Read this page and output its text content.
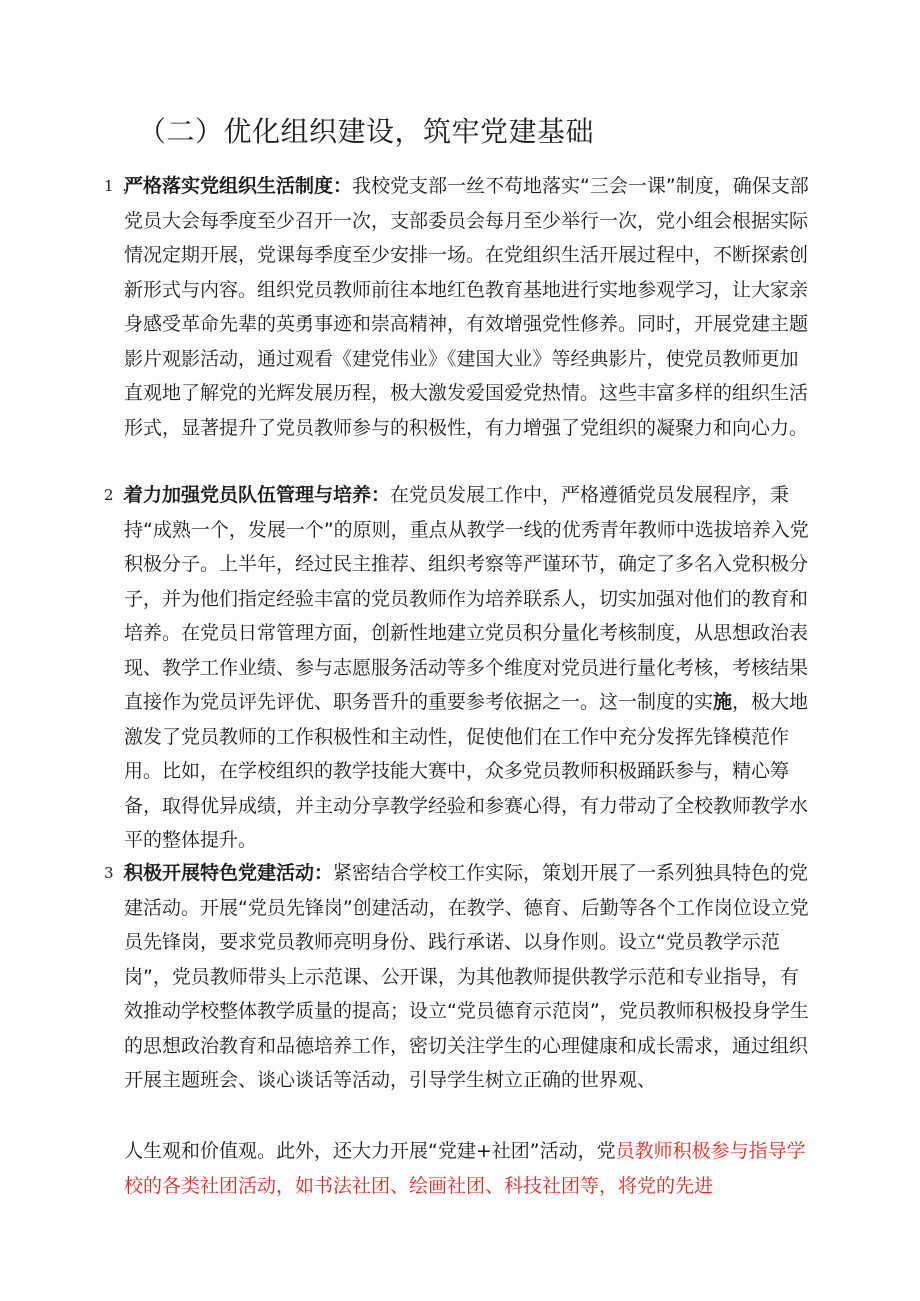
（二）优化组织建设，筑牢党建基础
1 .
严格落实党组织生活制度：我校党支部一丝不苟地落实“三会一课”制度，确保支部党员大会每季度至少召开一次，支部委员会每月至少举行一次，党小组会根据实际情况定期开展，党课每季度至少安排一场。在党组织生活开展过程中，不断探索创新形式与内容。组织党员教师前往本地红色教育基地进行实地参观学习，让大家亲身感受革命先辈的英勇事迹和崇高精神，有效增强党性修养。同时，开展党建主题影片观影活动，通过观看《建党伟业》《建国大业》等经典影片，使党员教师更加直观地了解党的光辉发展历程，极大激发爱国爱党热情。这些丰富多样的组织生活形式，显著提升了党员教师参与的积极性，有力增强了党组织的凝聚力和向心力。
2 .
着力加强党员队伍管理与培养：在党员发展工作中，严格遵循党员发展程序，秉持“成熟一个，发展一个”的原则，重点从教学一线的优秀青年教师中选拔培养入党积极分子。上半年，经过民主推荐、组织考察等严谨环节，确定了多名入党积极分子，并为他们指定经验丰富的党员教师作为培养联系人，切实加强对他们的教育和培养。在党员日常管理方面，创新性地建立党员积分量化考核制度，从思想政治表现、教学工作业绩、参与志愿服务活动等多个维度对党员进行量化考核，考核结果直接作为党员评先评优、职务晋升的重要参考依据之一。这一制度的实施，极大地激发了党员教师的工作积极性和主动性，促使他们在工作中充分发挥先锋模范作用。比如，在学校组织的教学技能大赛中，众多党员教师积极踊跃参与，精心筹备，取得优异成绩，并主动分享教学经验和参赛心得，有力带动了全校教师教学水平的整体提升。
3 .
积极开展特色党建活动：紧密结合学校工作实际，策划开展了一系列独具特色的党建活动。开展“党员先锋岗”创建活动，在教学、德育、后勤等各个工作岗位设立党员先锋岗，要求党员教师亮明身份、践行承诺、以身作则。设立“党员教学示范岗”，党员教师带头上示范课、公开课，为其他教师提供教学示范和专业指导，有效推动学校整体教学质量的提高；设立“党员德育示范岗”，党员教师积极投身学生的思想政治教育和品德培养工作，密切关注学生的心理健康和成长需求，通过组织开展主题班会、谈心谈话等活动，引导学生树立正确的世界观、

人生观和价值观。此外，还大力开展“党建+社团”活动，党员教师积极参与指导学校的各类社团活动，如书法社团、绘画社团、科技社团等，将党的先进
